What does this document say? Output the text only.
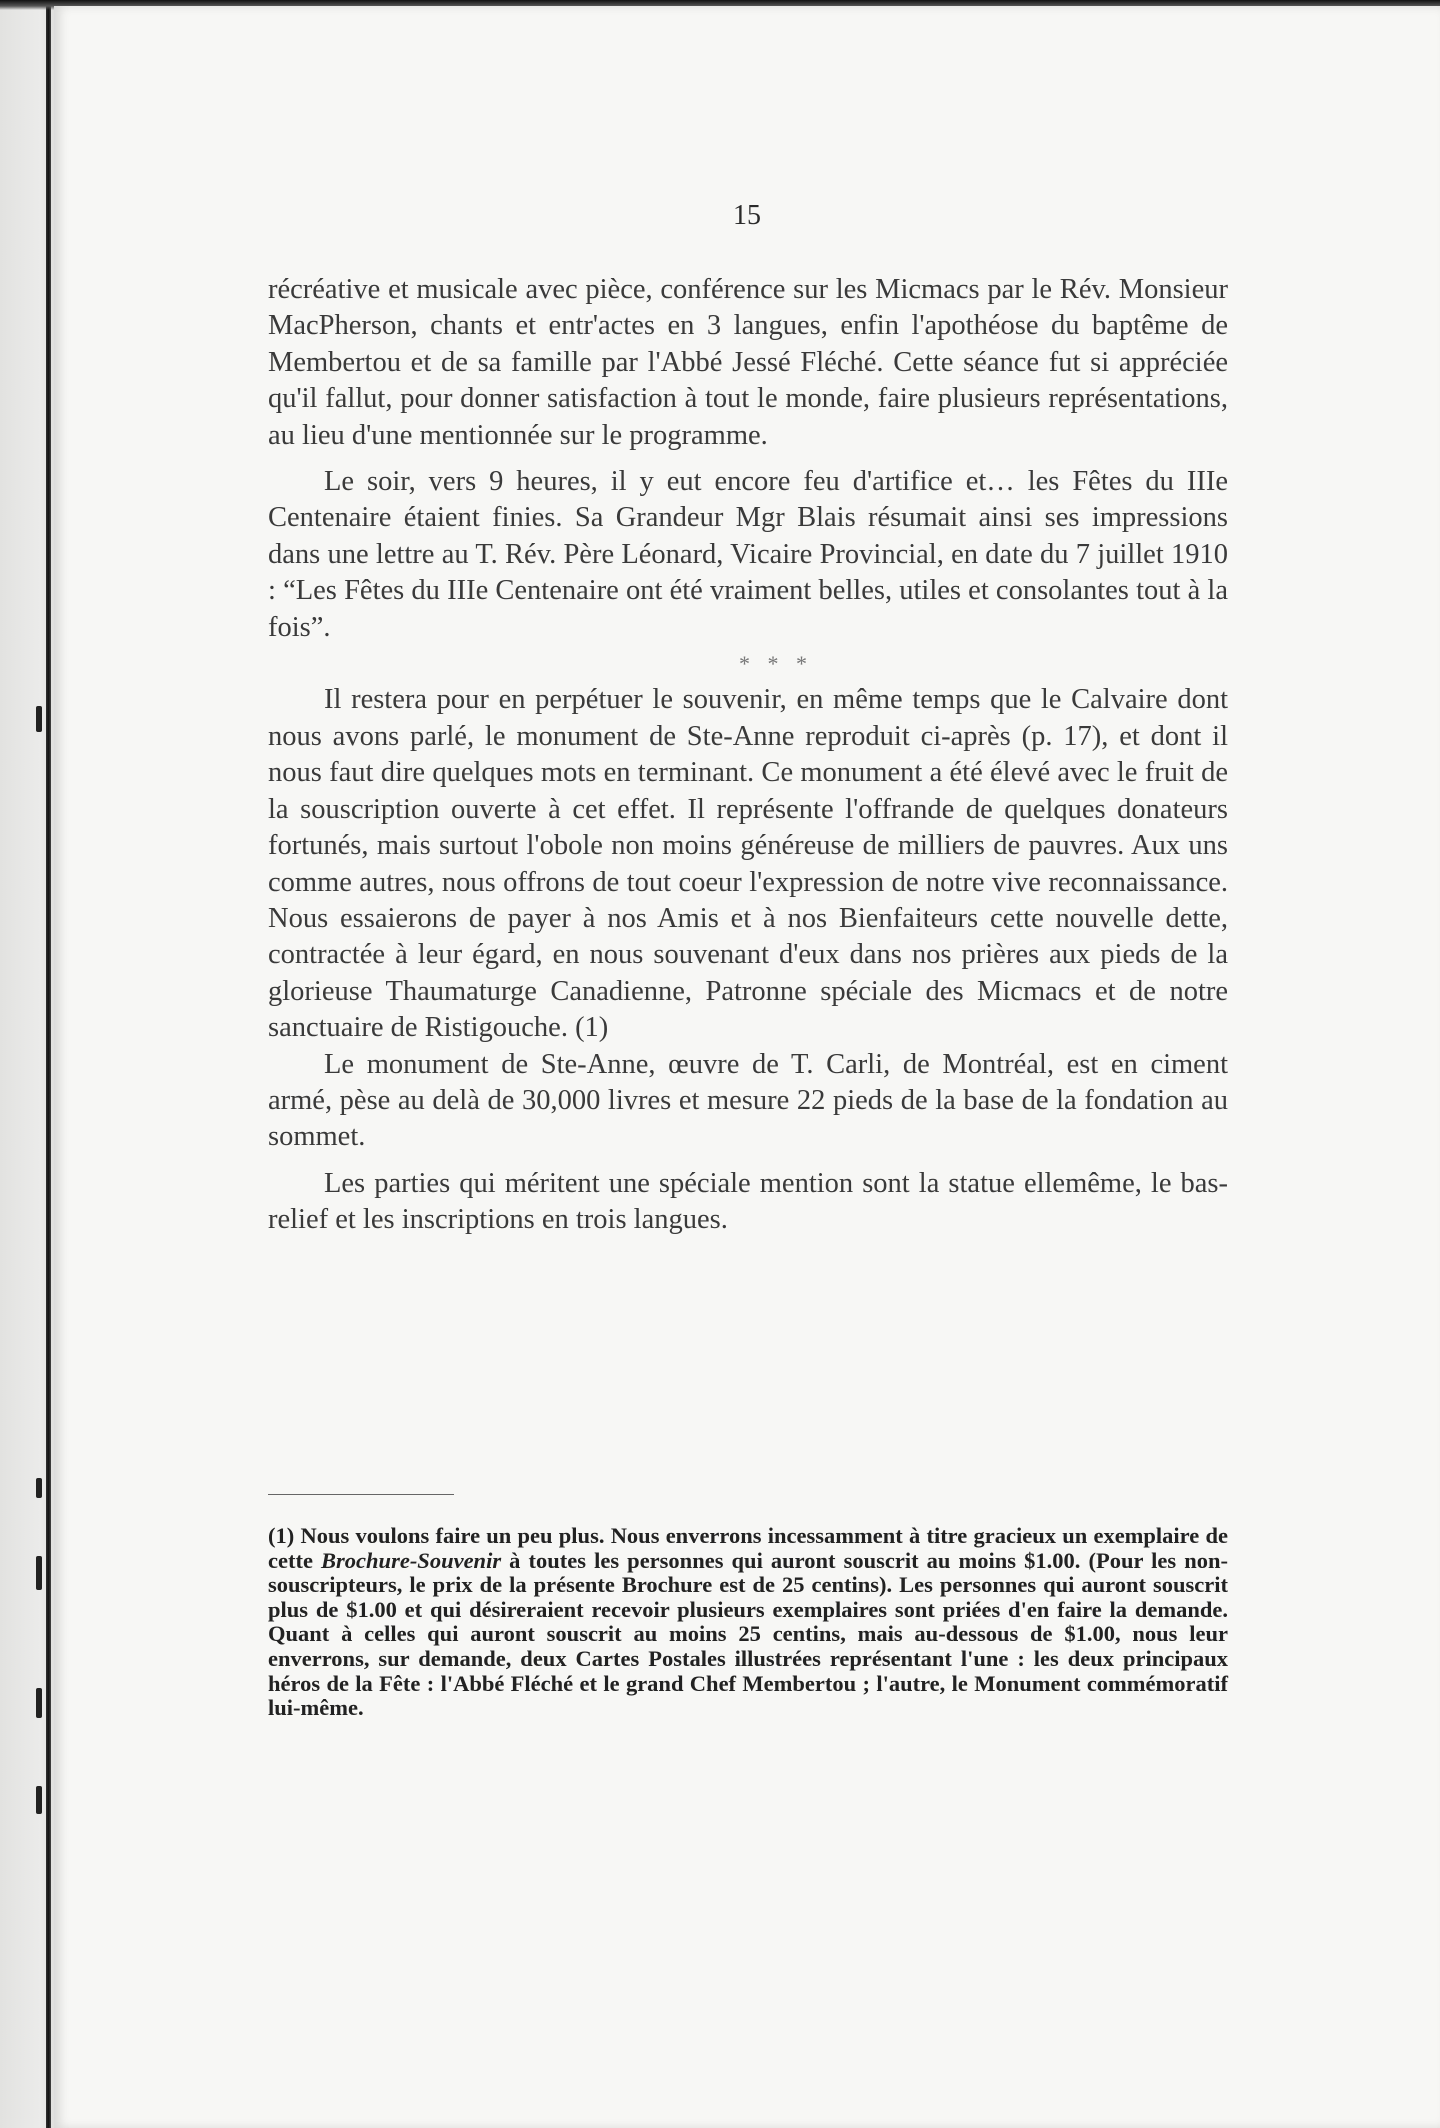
15

récréative et musicale avec pièce, conférence sur les Micmacs par le Rév. Monsieur MacPherson, chants et entr'actes en 3 langues, enfin l'apothéose du baptême de Membertou et de sa famille par l'Abbé Jessé Fléché. Cette séance fut si appréciée qu'il fallut, pour donner satisfaction à tout le monde, faire plusieurs représentations, au lieu d'une mentionnée sur le programme.

Le soir, vers 9 heures, il y eut encore feu d'artifice et… les Fêtes du IIIe Centenaire étaient finies. Sa Grandeur Mgr Blais résumait ainsi ses impressions dans une lettre au T. Rév. Père Léonard, Vicaire Provincial, en date du 7 juillet 1910 : “Les Fêtes du IIIe Centenaire ont été vraiment belles, utiles et consolantes tout à la fois”.

* * *

Il restera pour en perpétuer le souvenir, en même temps que le Calvaire dont nous avons parlé, le monument de Ste-Anne reproduit ci-après (p. 17), et dont il nous faut dire quelques mots en terminant. Ce monument a été élevé avec le fruit de la souscription ouverte à cet effet. Il représente l'offrande de quelques donateurs fortunés, mais surtout l'obole non moins généreuse de milliers de pauvres. Aux uns comme autres, nous offrons de tout coeur l'expression de notre vive reconnaissance. Nous essaierons de payer à nos Amis et à nos Bienfaiteurs cette nouvelle dette, contractée à leur égard, en nous souvenant d'eux dans nos prières aux pieds de la glorieuse Thaumaturge Canadienne, Patronne spéciale des Micmacs et de notre sanctuaire de Ristigouche. (1)

Le monument de Ste-Anne, œuvre de T. Carli, de Montréal, est en ciment armé, pèse au delà de 30,000 livres et mesure 22 pieds de la base de la fondation au sommet.

Les parties qui méritent une spéciale mention sont la statue ellemême, le bas-relief et les inscriptions en trois langues.

(1) Nous voulons faire un peu plus. Nous enverrons incessamment à titre gracieux un exemplaire de cette Brochure-Souvenir à toutes les personnes qui auront souscrit au moins $1.00. (Pour les non-souscripteurs, le prix de la présente Brochure est de 25 centins). Les personnes qui auront souscrit plus de $1.00 et qui désireraient recevoir plusieurs exemplaires sont priées d'en faire la demande. Quant à celles qui auront souscrit au moins 25 centins, mais au-dessous de $1.00, nous leur enverrons, sur demande, deux Cartes Postales illustrées représentant l'une : les deux principaux héros de la Fête : l'Abbé Fléché et le grand Chef Membertou ; l'autre, le Monument commémoratif lui-même.
